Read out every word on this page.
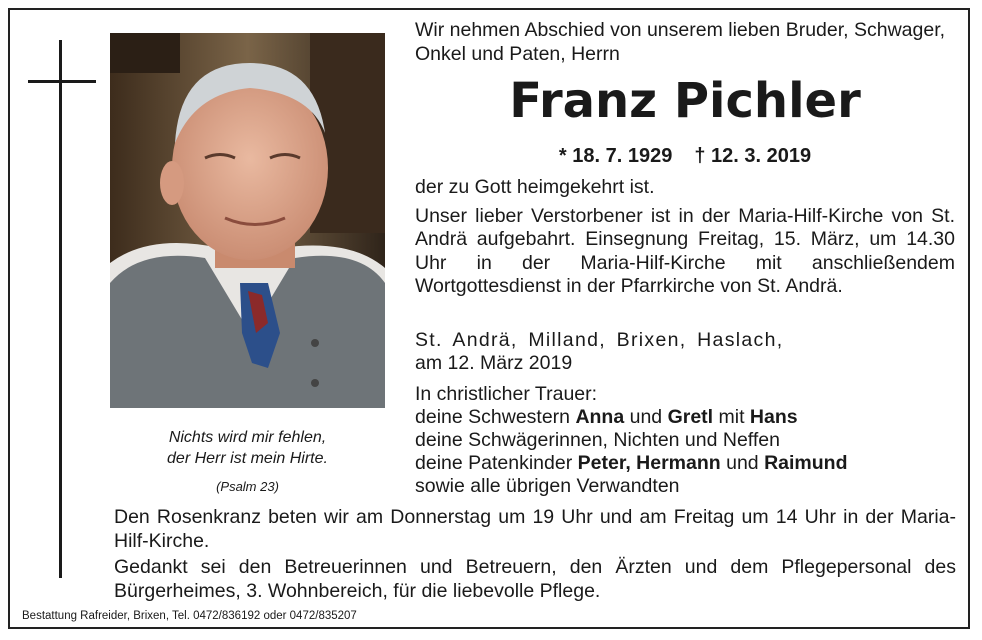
Nichts wird mir fehlen,
der Herr ist mein Hirte.
(Psalm 23)
Wir nehmen Abschied von unserem lieben Bruder, Schwager, Onkel und Paten, Herrn
Franz Pichler
* 18. 7. 1929 † 12. 3. 2019

der zu Gott heimgekehrt ist.

Unser lieber Verstorbener ist in der Maria-Hilf-Kirche von St. Andrä aufgebahrt. Einsegnung Freitag, 15. März, um 14.30 Uhr in der Maria-Hilf-Kirche mit anschließendem Wortgottesdienst in der Pfarrkirche von St. Andrä.

St. Andrä, Milland, Brixen, Haslach,
am 12. März 2019
In christlicher Trauer:
deine Schwestern Anna und Gretl mit Hans
deine Schwägerinnen, Nichten und Neffen
deine Patenkinder Peter, Hermann und Raimund
sowie alle übrigen Verwandten
Den Rosenkranz beten wir am Donnerstag um 19 Uhr und am Freitag um 14 Uhr in der Maria-Hilf-Kirche.
Gedankt sei den Betreuerinnen und Betreuern, den Ärzten und dem Pflegepersonal des Bürgerheimes, 3. Wohnbereich, für die liebevolle Pflege.
Bestattung Rafreider, Brixen, Tel. 0472/836192 oder 0472/835207
